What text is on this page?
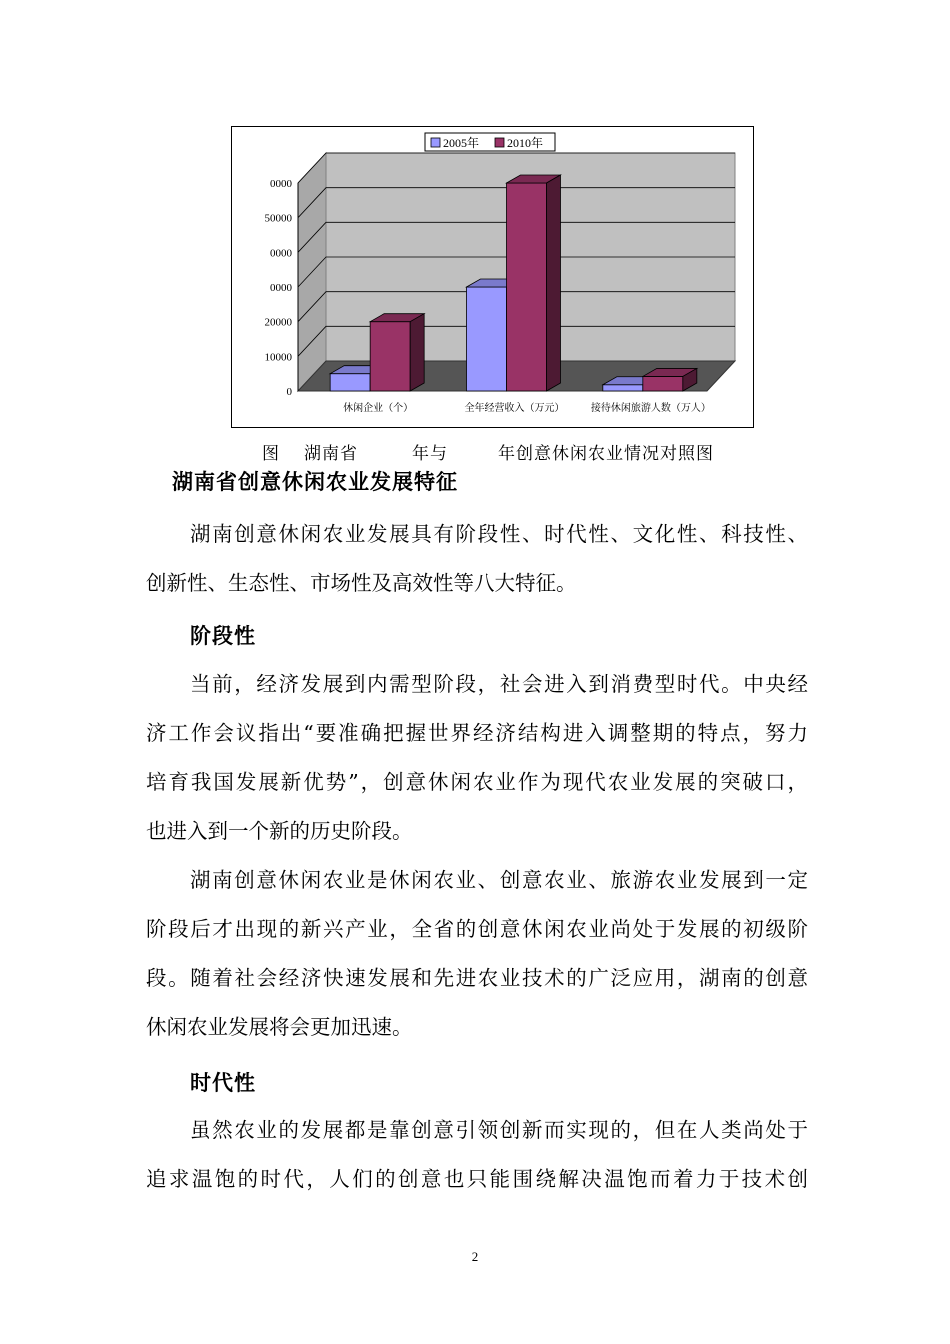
0
10000
20000
0000
0000
50000
0000
休闲企业（个）	全年经营收入（万元）	接待休闲旅游人数（万人）
2005年 2010年
图 湖南省	年与	年创意休闲农业情况对照图
湖南省创意休闲农业发展特征
湖南创意休闲农业发展具有阶段性、时代性、文化性、科技性、
创新性、生态性、市场性及高效性等八大特征。
阶段性
当前，经济发展到内需型阶段，社会进入到消费型时代。中央经
济工作会议指出“要准确把握世界经济结构进入调整期的特点，努力
培育我国发展新优势”，创意休闲农业作为现代农业发展的突破口，
也进入到一个新的历史阶段。
湖南创意休闲农业是休闲农业、创意农业、旅游农业发展到一定
阶段后才出现的新兴产业，全省的创意休闲农业尚处于发展的初级阶
段。随着社会经济快速发展和先进农业技术的广泛应用，湖南的创意
休闲农业发展将会更加迅速。
时代性
虽然农业的发展都是靠创意引领创新而实现的，但在人类尚处于
追求温饱的时代，人们的创意也只能围绕解决温饱而着力于技术创
2
